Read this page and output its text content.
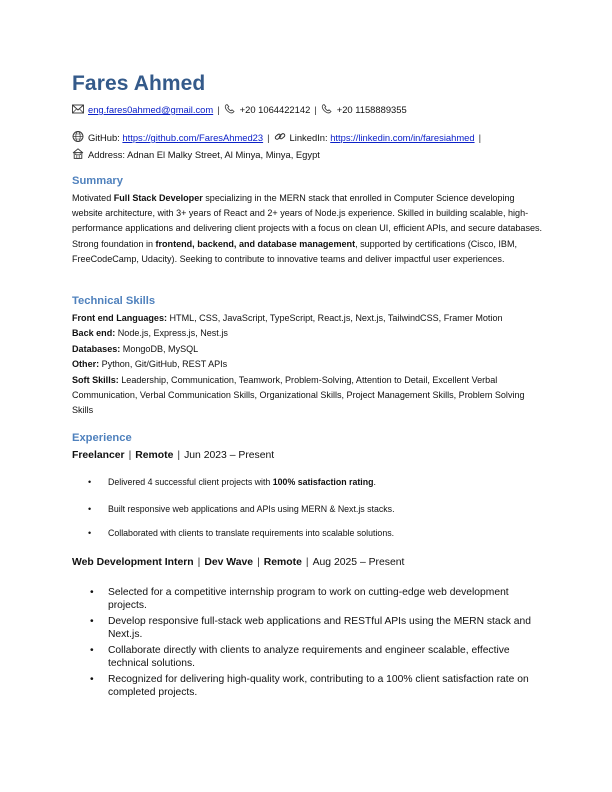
Fares Ahmed
eng.fares0ahmed@gmail.com | +20 1064422142 | +20 1158889355
GitHub: https://github.com/FaresAhmed23 | LinkedIn: https://linkedin.com/in/faresiahmed |
Address: Adnan El Malky Street, Al Minya, Minya, Egypt
Summary
Motivated Full Stack Developer specializing in the MERN stack that enrolled in Computer Science developing website architecture, with 3+ years of React and 2+ years of Node.js experience. Skilled in building scalable, high-performance applications and delivering client projects with a focus on clean UI, efficient APIs, and secure databases. Strong foundation in frontend, backend, and database management, supported by certifications (Cisco, IBM, FreeCodeCamp, Udacity). Seeking to contribute to innovative teams and deliver impactful user experiences.
Technical Skills
Front end Languages: HTML, CSS, JavaScript, TypeScript, React.js, Next.js, TailwindCSS, Framer Motion
Back end: Node.js, Express.js, Nest.js
Databases: MongoDB, MySQL
Other: Python, Git/GitHub, REST APIs
Soft Skills: Leadership, Communication, Teamwork, Problem-Solving, Attention to Detail, Excellent Verbal Communication, Verbal Communication Skills, Organizational Skills, Project Management Skills, Problem Solving Skills
Experience
Freelancer | Remote | Jun 2023 – Present
• Delivered 4 successful client projects with 100% satisfaction rating.
• Built responsive web applications and APIs using MERN & Next.js stacks.
• Collaborated with clients to translate requirements into scalable solutions.
Web Development Intern | Dev Wave | Remote | Aug 2025 – Present
• Selected for a competitive internship program to work on cutting-edge web development projects.
• Develop responsive full-stack web applications and RESTful APIs using the MERN stack and Next.js.
• Collaborate directly with clients to analyze requirements and engineer scalable, effective technical solutions.
• Recognized for delivering high-quality work, contributing to a 100% client satisfaction rate on completed projects.
